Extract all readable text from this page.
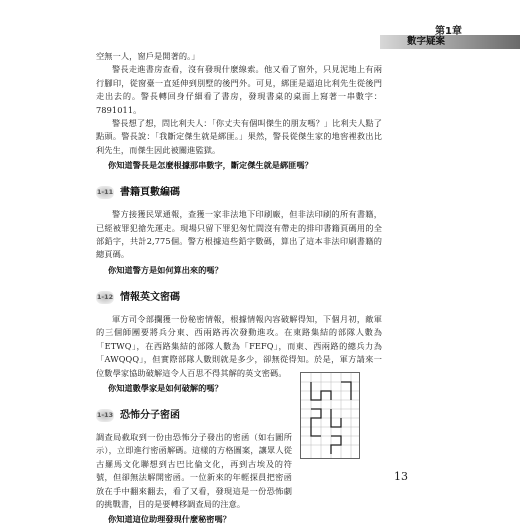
第1章
數字疑案

空無一人，窗戶是開著的。」

警長走進書房查看，沒有發現什麼線索。他又看了窗外，只見泥地上有兩行腳印，從窗臺一直延伸到別墅的後門外。可見，綁匪是逼迫比利先生從後門走出去的。警長轉回身仔細看了書房，發現書桌的桌面上寫著一串數字：7891011。

警長想了想，問比利夫人：「你丈夫有個叫傑生的朋友嗎？」比利夫人點了點頭。警長說：「我斷定傑生就是綁匪。」果然，警長從傑生家的地窖裡救出比利先生，而傑生因此被關進監獄。

你知道警長是怎麼根據那串數字，斷定傑生就是綁匪嗎？

1-11 書籍頁數編碼

警方接獲民眾通報，查獲一家非法地下印刷廠，但非法印刷的所有書籍，已經被罪犯搶先運走。現場只留下罪犯匆忙間沒有帶走的排印書籍頁碼用的全部鉛字，共計2,775個。警方根據這些鉛字數碼，算出了這本非法印刷書籍的總頁碼。

你知道警方是如何算出來的嗎？

1-12 情報英文密碼

軍方司令部攔獲一份秘密情報，根據情報內容破解得知，下個月初，敵軍的三個師團要將兵分東、西兩路再次發動進攻。在東路集結的部隊人數為「ETWQ」，在西路集結的部隊人數為「FEFQ」，而東、西兩路的總兵力為「AWQQQ」，但實際部隊人數則就是多少，卻無從得知。於是，軍方請來一位數學家協助破解這令人百思不得其解的英文密碼。

你知道數學家是如何破解的嗎？

1-13 恐怖分子密函

調查局截取到一份由恐怖分子發出的密函（如右圖所示），立即進行密函解碼。這樣的方格圖案，讓眾人從古羅馬文化聯想到古巴比倫文化，再到古埃及的符號，但卻無法解開密函。一位新來的年輕探員把密函放在手中翻來翻去，看了又看，發現這是一份恐怖劇的挑戰書，目的是要轉移調查局的注意。

你知道這位助理發現什麼秘密嗎？

13
